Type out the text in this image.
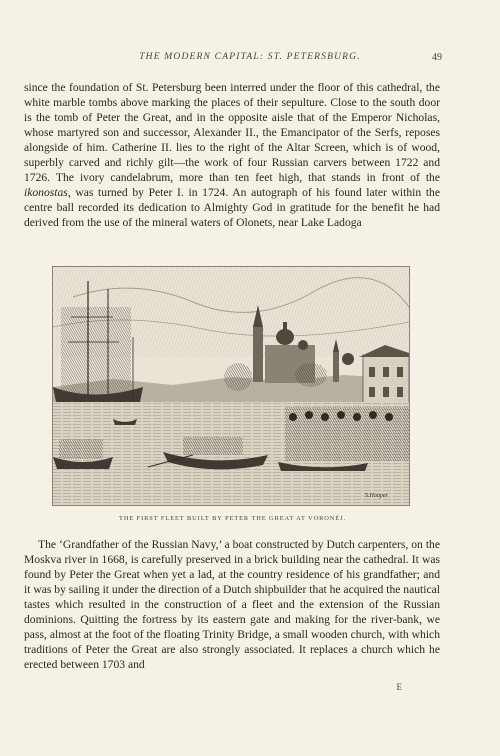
THE MODERN CAPITAL: ST. PETERSBURG.	49

since the foundation of St. Petersburg been interred under the floor of this cathedral, the white marble tombs above marking the places of their sepulture. Close to the south door is the tomb of Peter the Great, and in the opposite aisle that of the Emperor Nicholas, whose martyred son and successor, Alexander II., the Emancipator of the Serfs, reposes alongside of him. Catherine II. lies to the right of the Altar Screen, which is of wood, superbly carved and richly gilt—the work of four Russian carvers between 1722 and 1726. The ivory candelabrum, more than ten feet high, that stands in front of the ikonostas, was turned by Peter I. in 1724. An autograph of his found later within the centre ball recorded its dedication to Almighty God in gratitude for the benefit he had derived from the use of the mineral waters of Olonets, near Lake Ladoga

S.Hooper
THE FIRST FLEET BUILT BY PETER THE GREAT AT VORONÉJ.

The ‘Grandfather of the Russian Navy,’ a boat constructed by Dutch carpenters, on the Moskva river in 1668, is carefully preserved in a brick building near the cathedral. It was found by Peter the Great when yet a lad, at the country residence of his grandfather; and it was by sailing it under the direction of a Dutch shipbuilder that he acquired the nautical tastes which resulted in the construction of a fleet and the extension of the Russian dominions. Quitting the fortress by its eastern gate and making for the river-bank, we pass, almost at the foot of the floating Trinity Bridge, a small wooden church, with which traditions of Peter the Great are also strongly associated. It replaces a church which he erected between 1703 and

E
